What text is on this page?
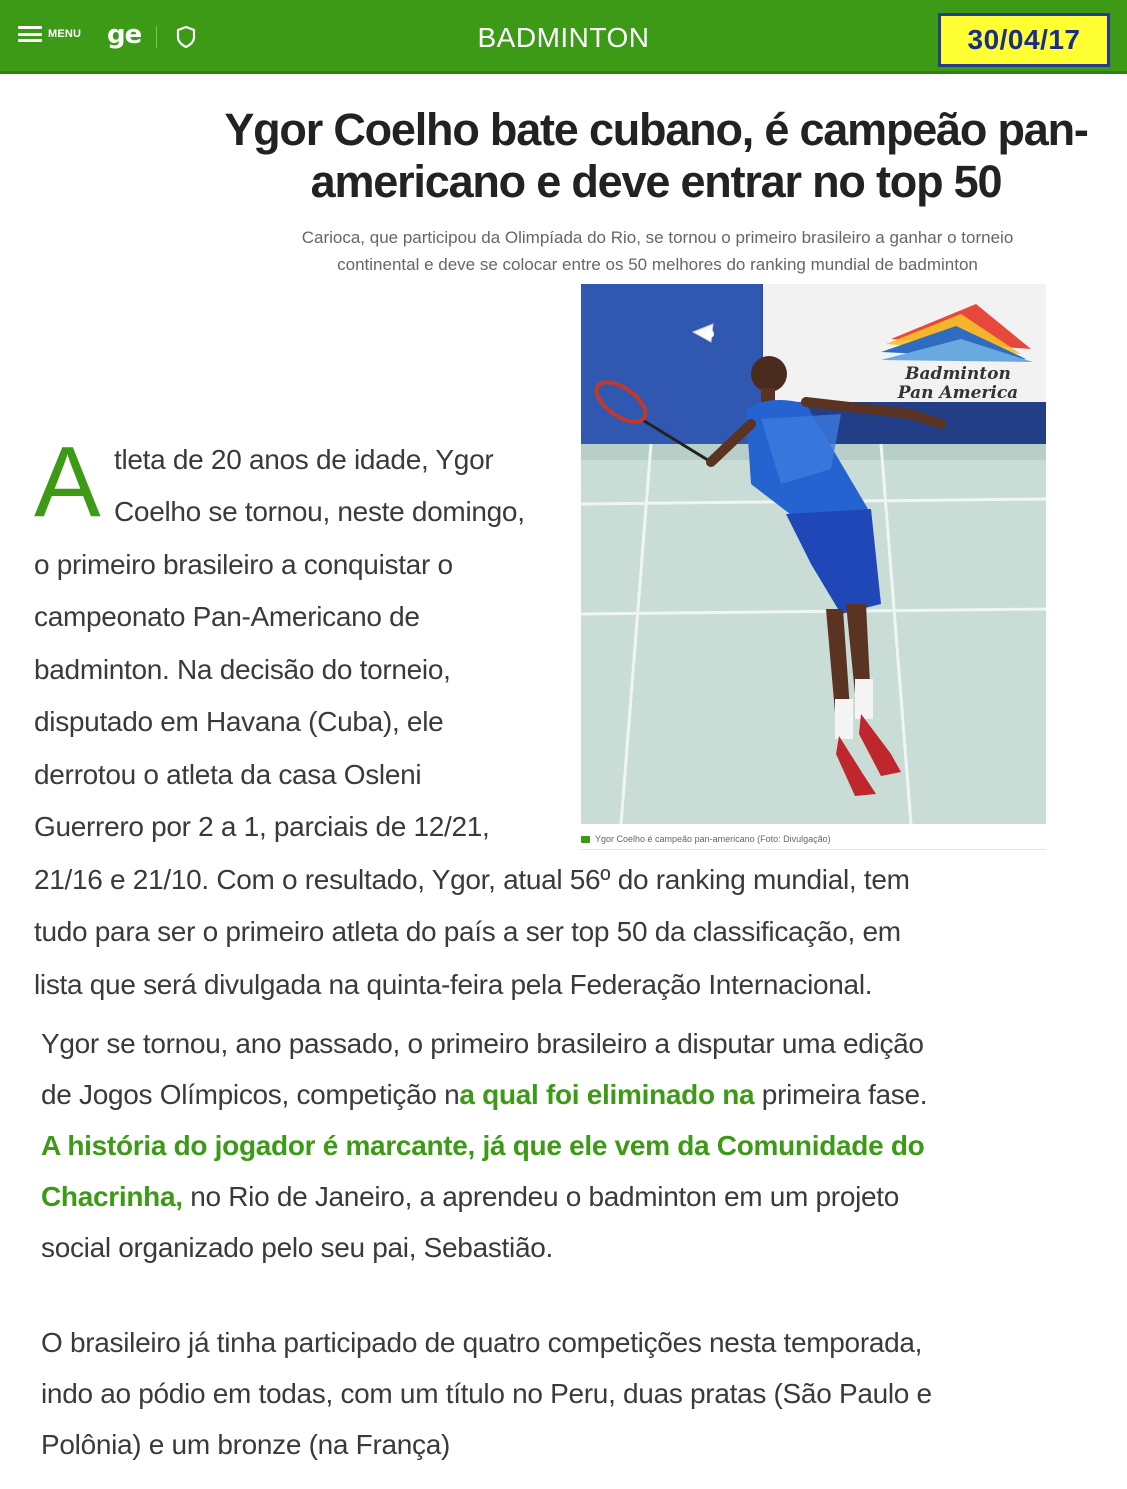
MENU ge	BADMINTON	30/04/17
Ygor Coelho bate cubano, é campeão pan-
americano e deve entrar no top 50
Carioca, que participou da Olimpíada do Rio, se tornou o primeiro brasileiro a ganhar o torneio
continental e deve se colocar entre os 50 melhores do ranking mundial de badminton
Badminton
Pan America
Ygor Coelho é campeão pan-americano (Foto: Divulgação)
A tleta de 20 anos de idade, Ygor
Coelho se tornou, neste domingo,
o primeiro brasileiro a conquistar o
campeonato Pan-Americano de
badminton. Na decisão do torneio,
disputado em Havana (Cuba), ele
derrotou o atleta da casa Osleni
Guerrero por 2 a 1, parciais de 12/21,
21/16 e 21/10. Com o resultado, Ygor, atual 56º do ranking mundial, tem
tudo para ser o primeiro atleta do país a ser top 50 da classificação, em
lista que será divulgada na quinta-feira pela Federação Internacional.
Ygor se tornou, ano passado, o primeiro brasileiro a disputar uma edição
de Jogos Olímpicos, competição na qual foi eliminado na primeira fase.
A história do jogador é marcante, já que ele vem da Comunidade do
Chacrinha, no Rio de Janeiro, a aprendeu o badminton em um projeto
social organizado pelo seu pai, Sebastião.
O brasileiro já tinha participado de quatro competições nesta temporada,
indo ao pódio em todas, com um título no Peru, duas pratas (São Paulo e
Polônia) e um bronze (na França)
